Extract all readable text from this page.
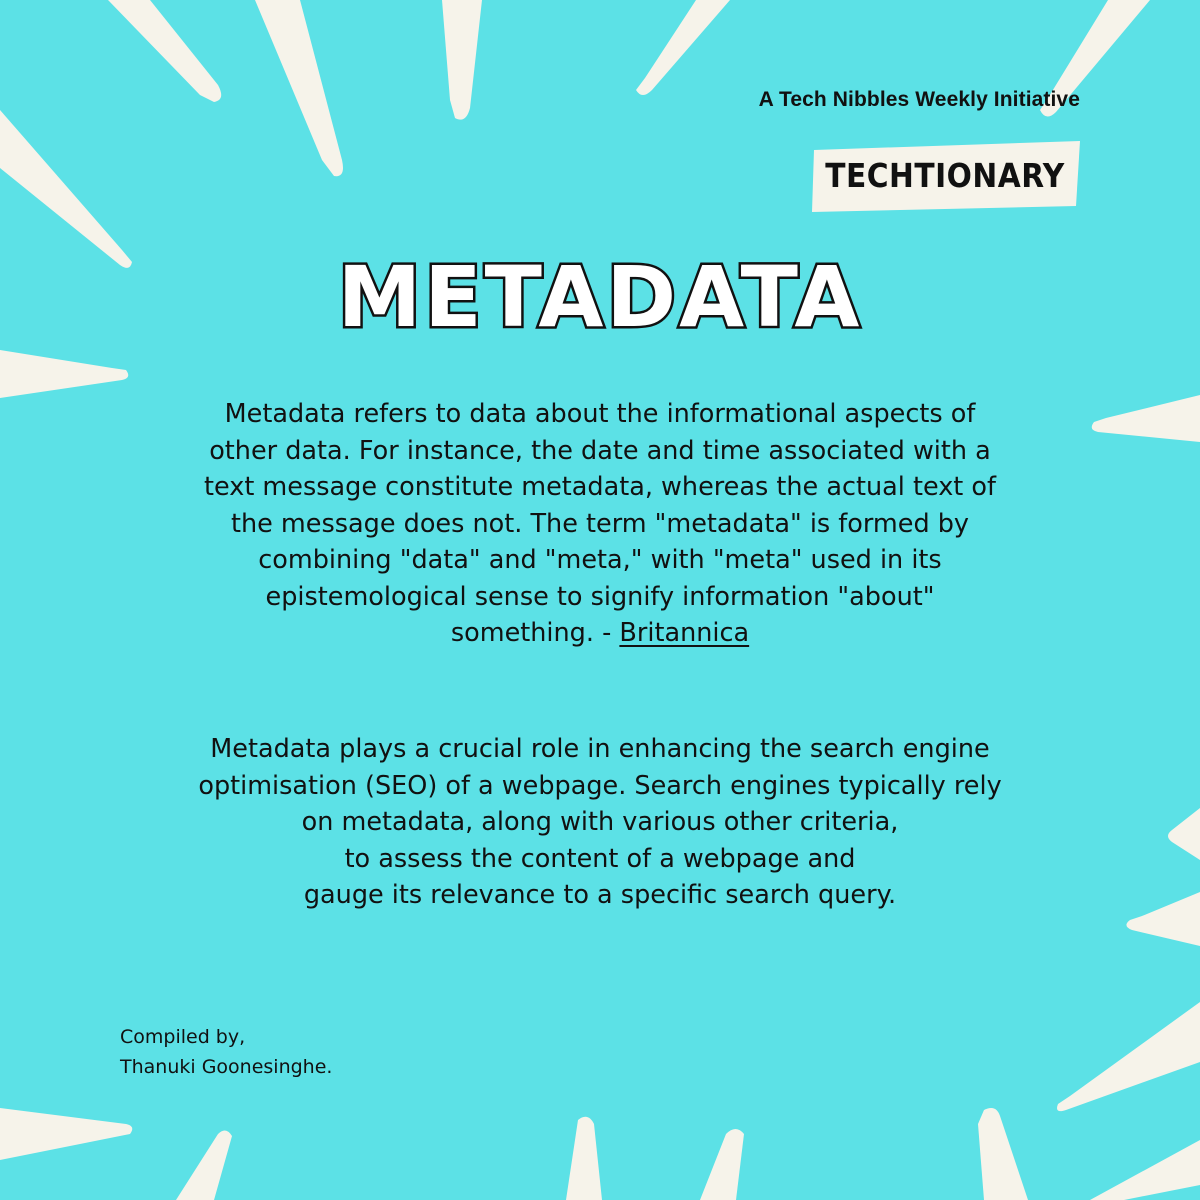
A Tech Nibbles Weekly Initiative
TECHTIONARY
METADATA
Metadata refers to data about the informational aspects of
other data. For instance, the date and time associated with a
text message constitute metadata, whereas the actual text of
the message does not. The term "metadata" is formed by
combining "data" and "meta," with "meta" used in its
epistemological sense to signify information "about"
something. - Britannica
Metadata plays a crucial role in enhancing the search engine
optimisation (SEO) of a webpage. Search engines typically rely
on metadata, along with various other criteria,
to assess the content of a webpage and
gauge its relevance to a specific search query.
Compiled by,
Thanuki Goonesinghe.
